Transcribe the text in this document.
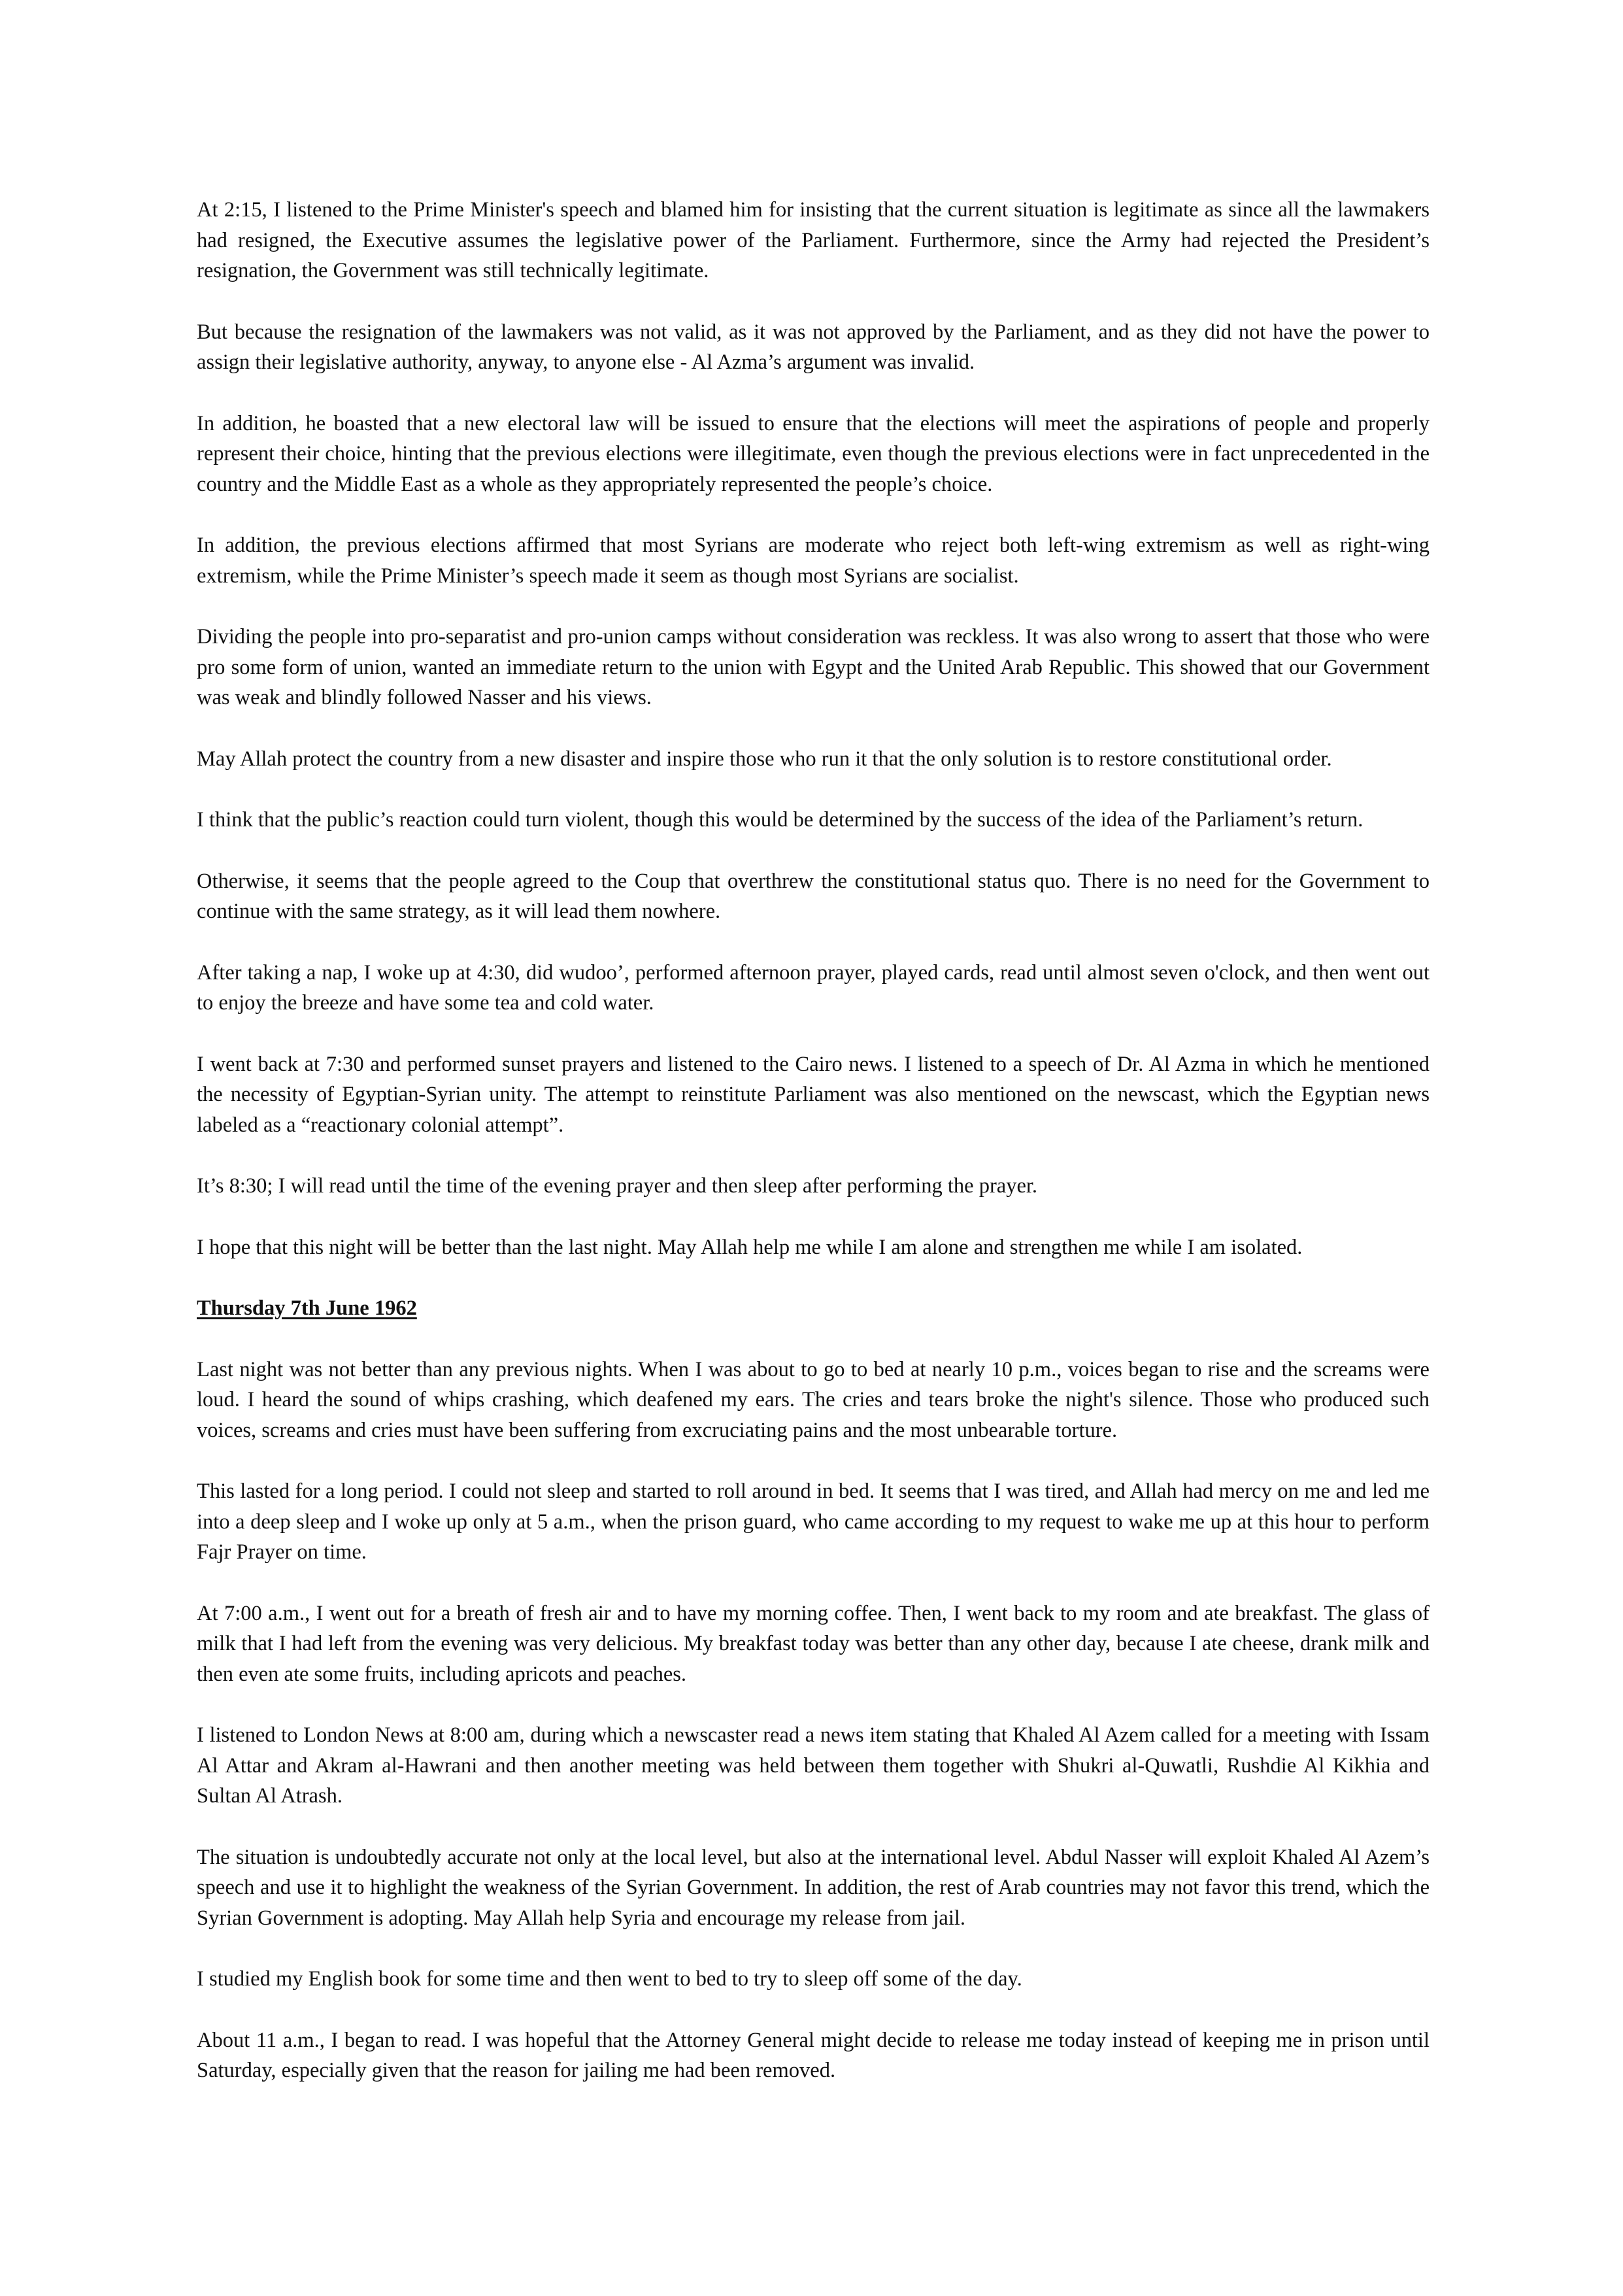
At 2:15, I listened to the Prime Minister's speech and blamed him for insisting that the current situation is legitimate as since all the lawmakers had resigned, the Executive assumes the legislative power of the Parliament. Furthermore, since the Army had rejected the President’s resignation, the Government was still technically legitimate.

But because the resignation of the lawmakers was not valid, as it was not approved by the Parliament, and as they did not have the power to assign their legislative authority, anyway, to anyone else - Al Azma’s argument was invalid.

In addition, he boasted that a new electoral law will be issued to ensure that the elections will meet the aspirations of people and properly represent their choice, hinting that the previous elections were illegitimate, even though the previous elections were in fact unprecedented in the country and the Middle East as a whole as they appropriately represented the people’s choice.

In addition, the previous elections affirmed that most Syrians are moderate who reject both left-wing extremism as well as right-wing extremism, while the Prime Minister’s speech made it seem as though most Syrians are socialist.

Dividing the people into pro-separatist and pro-union camps without consideration was reckless. It was also wrong to assert that those who were pro some form of union, wanted an immediate return to the union with Egypt and the United Arab Republic. This showed that our Government was weak and blindly followed Nasser and his views.

May Allah protect the country from a new disaster and inspire those who run it that the only solution is to restore constitutional order.

I think that the public’s reaction could turn violent, though this would be determined by the success of the idea of the Parliament’s return.

Otherwise, it seems that the people agreed to the Coup that overthrew the constitutional status quo. There is no need for the Government to continue with the same strategy, as it will lead them nowhere.

After taking a nap, I woke up at 4:30, did wudoo’, performed afternoon prayer, played cards, read until almost seven o'clock, and then went out to enjoy the breeze and have some tea and cold water.

I went back at 7:30 and performed sunset prayers and listened to the Cairo news. I listened to a speech of Dr. Al Azma in which he mentioned the necessity of Egyptian-Syrian unity. The attempt to reinstitute Parliament was also mentioned on the newscast, which the Egyptian news labeled as a “reactionary colonial attempt”.

It’s 8:30; I will read until the time of the evening prayer and then sleep after performing the prayer.

I hope that this night will be better than the last night. May Allah help me while I am alone and strengthen me while I am isolated.

Thursday 7th June 1962

Last night was not better than any previous nights. When I was about to go to bed at nearly 10 p.m., voices began to rise and the screams were loud. I heard the sound of whips crashing, which deafened my ears. The cries and tears broke the night's silence. Those who produced such voices, screams and cries must have been suffering from excruciating pains and the most unbearable torture.

This lasted for a long period. I could not sleep and started to roll around in bed. It seems that I was tired, and Allah had mercy on me and led me into a deep sleep and I woke up only at 5 a.m., when the prison guard, who came according to my request to wake me up at this hour to perform Fajr Prayer on time.

At 7:00 a.m., I went out for a breath of fresh air and to have my morning coffee. Then, I went back to my room and ate breakfast. The glass of milk that I had left from the evening was very delicious. My breakfast today was better than any other day, because I ate cheese, drank milk and then even ate some fruits, including apricots and peaches.

I listened to London News at 8:00 am, during which a newscaster read a news item stating that Khaled Al Azem called for a meeting with Issam Al Attar and Akram al-Hawrani and then another meeting was held between them together with Shukri al-Quwatli, Rushdie Al Kikhia and Sultan Al Atrash.

The situation is undoubtedly accurate not only at the local level, but also at the international level. Abdul Nasser will exploit Khaled Al Azem’s speech and use it to highlight the weakness of the Syrian Government. In addition, the rest of Arab countries may not favor this trend, which the Syrian Government is adopting. May Allah help Syria and encourage my release from jail.

I studied my English book for some time and then went to bed to try to sleep off some of the day.

About 11 a.m., I began to read. I was hopeful that the Attorney General might decide to release me today instead of keeping me in prison until Saturday, especially given that the reason for jailing me had been removed.
